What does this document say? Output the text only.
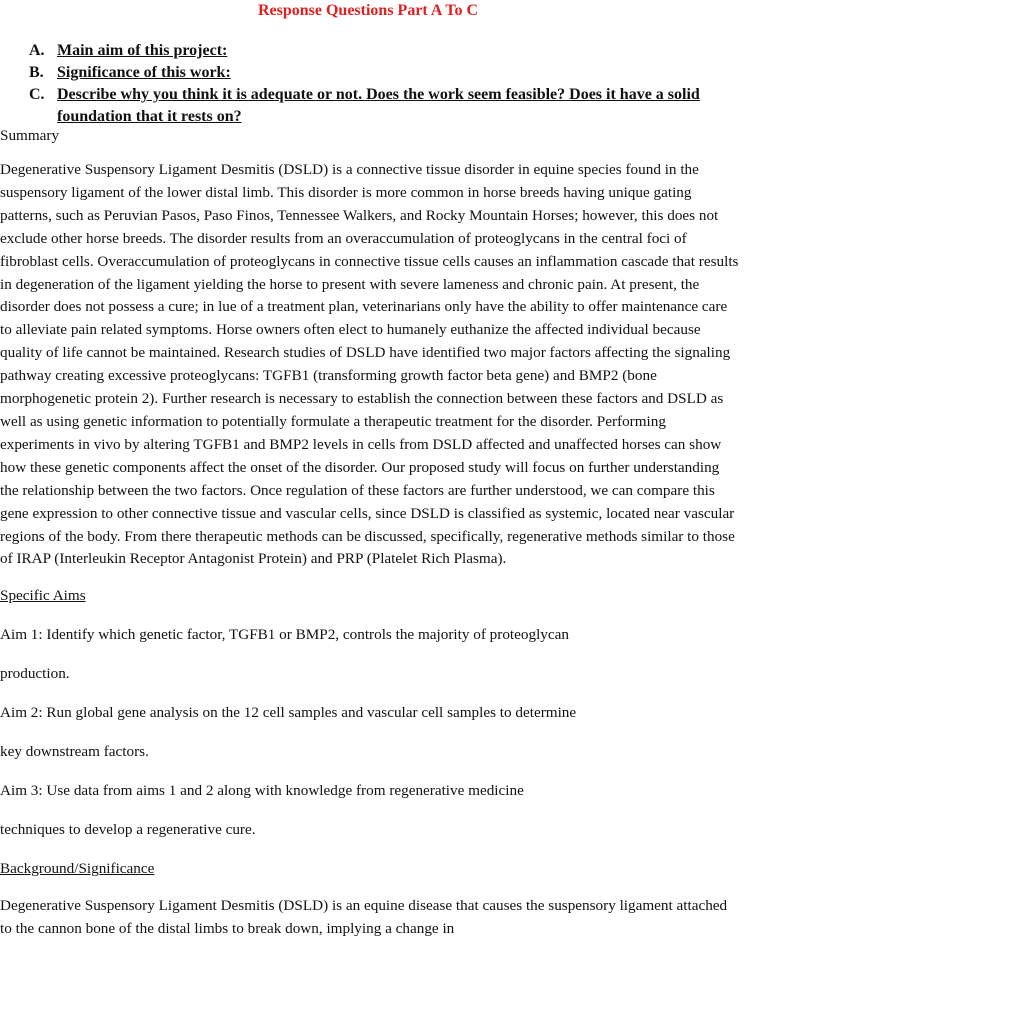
Response Questions Part A To C
A. Main aim of this project:
B. Significance of this work:
C. Describe why you think it is adequate or not. Does the work seem feasible? Does it have a solid foundation that it rests on?

Summary

Degenerative Suspensory Ligament Desmitis (DSLD) is a connective tissue disorder in equine species found in the suspensory ligament of the lower distal limb. This disorder is more common in horse breeds having unique gating patterns, such as Peruvian Pasos, Paso Finos, Tennessee Walkers, and Rocky Mountain Horses; however, this does not exclude other horse breeds. The disorder results from an overaccumulation of proteoglycans in the central foci of fibroblast cells. Overaccumulation of proteoglycans in connective tissue cells causes an inflammation cascade that results in degeneration of the ligament yielding the horse to present with severe lameness and chronic pain. At present, the disorder does not possess a cure; in lue of a treatment plan, veterinarians only have the ability to offer maintenance care to alleviate pain related symptoms. Horse owners often elect to humanely euthanize the affected individual because quality of life cannot be maintained. Research studies of DSLD have identified two major factors affecting the signaling pathway creating excessive proteoglycans: TGFB1 (transforming growth factor beta gene) and BMP2 (bone morphogenetic protein 2). Further research is necessary to establish the connection between these factors and DSLD as well as using genetic information to potentially formulate a therapeutic treatment for the disorder. Performing experiments in vivo by altering TGFB1 and BMP2 levels in cells from DSLD affected and unaffected horses can show how these genetic components affect the onset of the disorder. Our proposed study will focus on further understanding the relationship between the two factors. Once regulation of these factors are further understood, we can compare this gene expression to other connective tissue and vascular cells, since DSLD is classified as systemic, located near vascular regions of the body. From there therapeutic methods can be discussed, specifically, regenerative methods similar to those of IRAP (Interleukin Receptor Antagonist Protein) and PRP (Platelet Rich Plasma).

Specific Aims

Aim 1: Identify which genetic factor, TGFB1 or BMP2, controls the majority of proteoglycan

production.

Aim 2: Run global gene analysis on the 12 cell samples and vascular cell samples to determine

key downstream factors.

Aim 3: Use data from aims 1 and 2 along with knowledge from regenerative medicine

techniques to develop a regenerative cure.

Background/Significance

Degenerative Suspensory Ligament Desmitis (DSLD) is an equine disease that causes the suspensory ligament attached to the cannon bone of the distal limbs to break down, implying a change in
